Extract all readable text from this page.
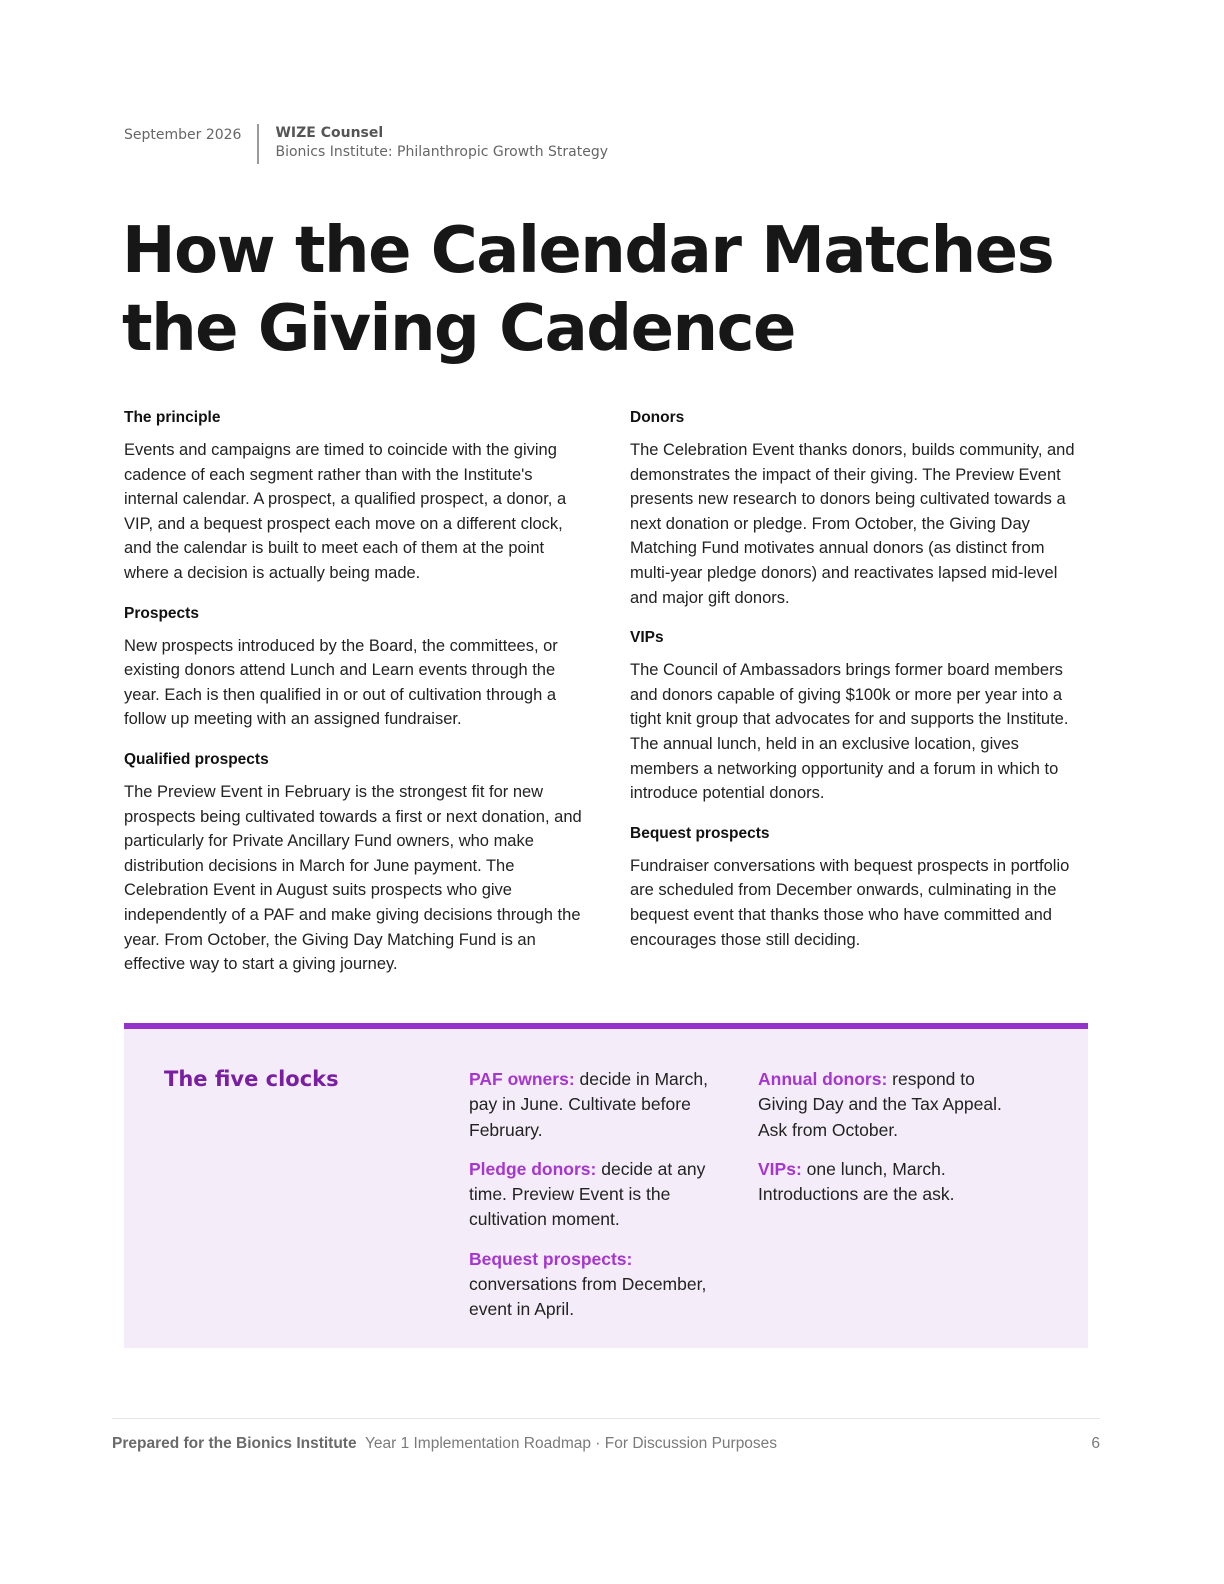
September 2026 WIZE Counsel
Bionics Institute: Philanthropic Growth Strategy
How the Calendar Matches the Giving Cadence
The principle

Events and campaigns are timed to coincide with the giving cadence of each segment rather than with the Institute's internal calendar. A prospect, a qualified prospect, a donor, a VIP, and a bequest prospect each move on a different clock, and the calendar is built to meet each of them at the point where a decision is actually being made.

Prospects

New prospects introduced by the Board, the committees, or existing donors attend Lunch and Learn events through the year. Each is then qualified in or out of cultivation through a follow up meeting with an assigned fundraiser.

Qualified prospects

The Preview Event in February is the strongest fit for new prospects being cultivated towards a first or next donation, and particularly for Private Ancillary Fund owners, who make distribution decisions in March for June payment. The Celebration Event in August suits prospects who give independently of a PAF and make giving decisions through the year. From October, the Giving Day Matching Fund is an effective way to start a giving journey.

Donors

The Celebration Event thanks donors, builds community, and demonstrates the impact of their giving. The Preview Event presents new research to donors being cultivated towards a next donation or pledge. From October, the Giving Day Matching Fund motivates annual donors (as distinct from multi-year pledge donors) and reactivates lapsed mid-level and major gift donors.

VIPs

The Council of Ambassadors brings former board members and donors capable of giving $100k or more per year into a tight knit group that advocates for and supports the Institute. The annual lunch, held in an exclusive location, gives members a networking opportunity and a forum in which to introduce potential donors.

Bequest prospects

Fundraiser conversations with bequest prospects in portfolio are scheduled from December onwards, culminating in the bequest event that thanks those who have committed and encourages those still deciding.

The five clocks	PAF owners: decide in March, pay in June. Cultivate before February.
Pledge donors: decide at any time. Preview Event is the cultivation moment.
Bequest prospects: conversations from December, event in April.
Annual donors: respond to Giving Day and the Tax Appeal. Ask from October.
VIPs: one lunch, March. Introductions are the ask.
Prepared for the Bionics Institute Year 1 Implementation Roadmap · For Discussion Purposes	6
